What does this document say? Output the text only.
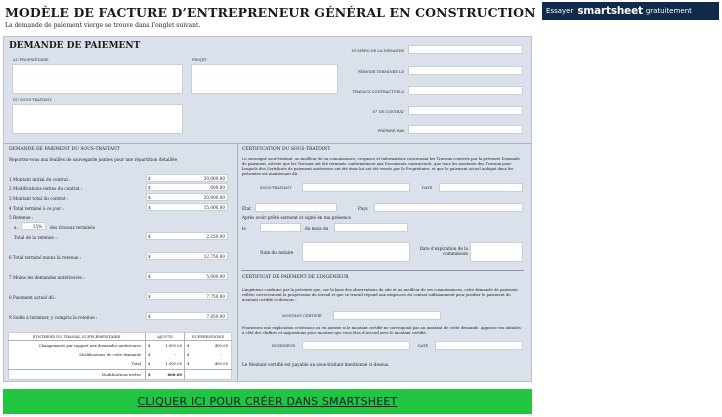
MODÈLE DE FACTURE D’ENTREPRENEUR GÉNÉRAL EN CONSTRUCTION
La demande de paiement vierge se trouve dans l’onglet suivant.
Essayer smartsheet gratuitement
DEMANDE DE PAIEMENT
AU PROPRIÉTAIRE	PROJET
DU SOUS-TRAITANT
NUMÉRO DE LA DEMANDE
PÉRIODE TERMINÉE LE
TRAVAUX CONTRACTUELS
N° DE CONTRAT
PRÉPARÉ PAR
DEMANDE DE PAIEMENT DU SOUS-TRAITANT
Reportez-vous aux feuilles de sauvegarde jointes pour une répartition détaillée
1 Montant initial du contrat :	$	20,000.00
2 Modifications nettes du contrat :	$	600.00
3 Montant total du contrat :	$	20,600.00
4 Total terminé à ce jour :	$	15,000.00
5 Retenue :
a.	15% des travaux terminés
Total de la retenue :	$	2,250.00
6 Total terminé moins la retenue :	$	12,750.00
7 Moins les demandes antérieures :	$	5,000.00
8 Paiement actuel dû :	$	7,750.00
9 Solde à terminer, y compris la retenue :	$	7,850.00
SYNTHÈSE DU TRAVAIL SUPPLÉMENTAIRE	AJOUTS	SUPPRESSIONS
Changements par rapport aux demandes antérieures $	1,000.00 $	400.00
Modifications de cette demande $	-	$	-
Total $	1,000.00 $	400.00
Modifications nettes $	600.00
CERTIFICATION DU SOUS-TRAITANT
Le soussigné sous-traitant, au meilleur de sa connaissance, croyance et informations concernant les Travaux couverts par la présente Demande de paiement, atteste que les Travaux ont été terminés conformément aux Documents contractuels, que tous les montants des Travaux pour lesquels des Certificats de paiement antérieurs ont été émis lui ont été versés par le Propriétaire, et que le paiement actuel indiqué dans les présentes est maintenant dû.
SOUS-TRAITANT	DATE
État	Pays
Après avoir prêté serment et signé en ma présence
le	du mois de
Nom du notaire
Date d'expiration de la commission
CERTIFICAT DE PAIEMENT DE L’INGÉNIEUR
L’ingénieur confirme par la présente que, sur la base des observations du site et au meilleur de ses connaissances, cette demande de paiement reflète correctement la progression du travail et que ce travail répond aux exigences du contrat suffisamment pour justifier le paiement du montant certifié ci-dessous :
MONTANT CERTIFIÉ
Fournissez une explication ci-dessous ou en annexe si le montant certifié ne correspond pas au montant de cette demande. Apposez vos initiales à côté des chiffres et majorations pour montrer que vous êtes d’accord avec le montant certifié.
INGÉNIEUR	DATE
Le Montant certifié est payable au sous-traitant mentionné ci-dessus.
CLIQUER ICI POUR CRÉER DANS SMARTSHEET
